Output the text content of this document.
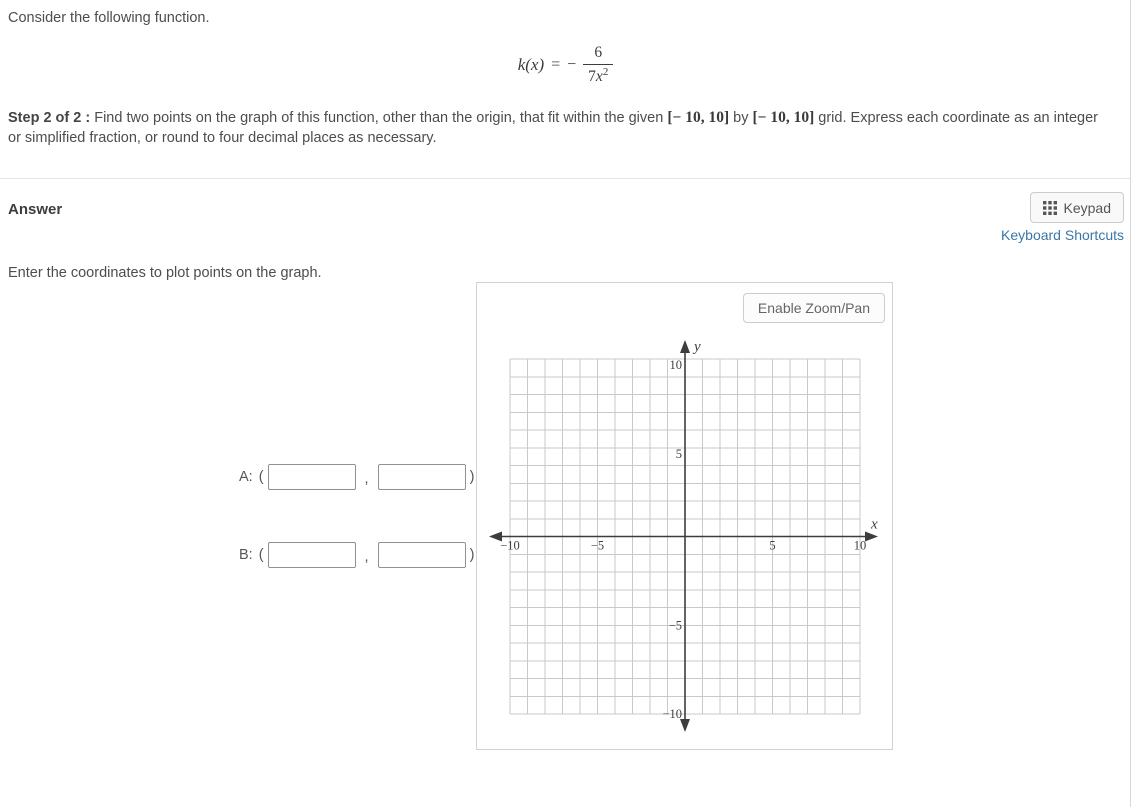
Consider the following function.
k(x) = − $\frac{6}{7x^2}$

Step 2 of 2 : Find two points on the graph of this function, other than the origin, that fit within the given [− 10, 10] by [− 10, 10] grid. Express each coordinate as an integer or simplified fraction, or round to four decimal places as necessary.

Answer	Keypad
Keyboard Shortcuts
Enter the coordinates to plot points on the graph.
A: (	,	)
B: (	,	)
Enable Zoom/Pan
−10	−5	5	10
10
5
−5
−10
y
x
